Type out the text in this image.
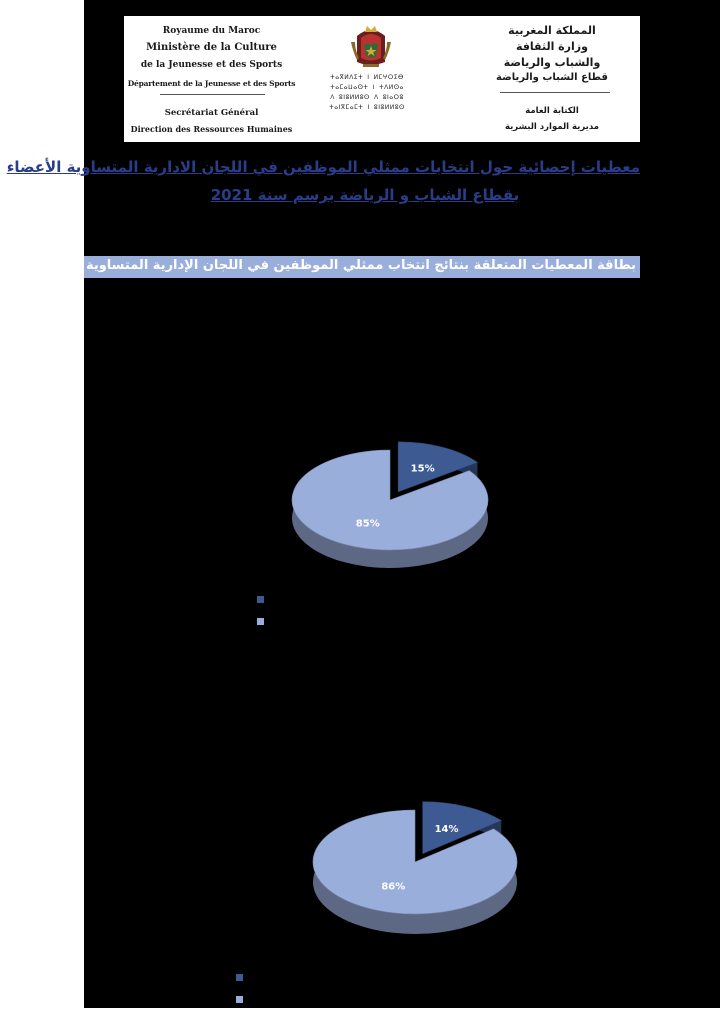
Royaume du Maroc
Ministère de la Culture
de la Jeunesse et des Sports
Département de la Jeunesse et des Sports
Secrétariat Général
Direction des Ressources Humaines
ⵜⴰⴳⵍⴷⵉⵜ ⵏ ⵍⵎⵖⵔⵉⴱ
ⵜⴰⵎⴰⵡⴰⵙⵜ ⵏ ⵜⴷⵍⵙⴰ
ⴷ ⵓⵏⵓⵍⵍⵓⵙ ⴷ ⵓⵏⴰⵔⵓ
ⵜⴰⵏⴳⵎⴰⵎⵜ ⵏ ⵓⵏⵓⵍⵍⵓⵙ
المملكة المغربية
وزارة الثقافة
والشباب والرياضة
قطاع الشباب والرياضة
الكتابة العامة
مديرية الموارد البشرية
معطيات إحصائية حول انتخابات ممثلي الموظفين في اللجان الادارية المتساوية الأعضاء
بقطاع الشباب و الرياضة برسم سنة 2021
بطاقة المعطيات المتعلقة بنتائج انتخاب ممثلي الموظفين في اللجان الإدارية المتساوية الأعضاء
15%
85%
14%
86%
